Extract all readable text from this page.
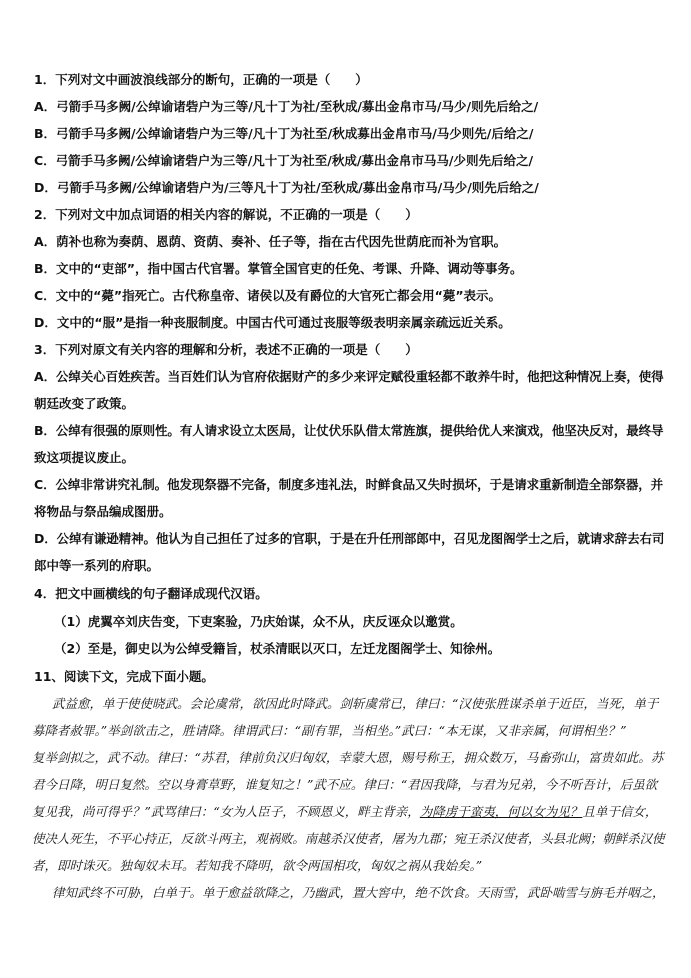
1．下列对文中画波浪线部分的断句，正确的一项是（　　）
A．弓箭手马多阙/公绰谕诸砦户为三等/凡十丁为社/至秋成/募出金帛市马/马少/则先后给之/
B．弓箭手马多阙/公绰谕诸砦户为三等/凡十丁为社至/秋成募出金帛市马/马少则先/后给之/
C．弓箭手马多阙/公绰谕诸砦户为三等/凡十丁为社至/秋成/募出金帛市马马/少则先后给之/
D．弓箭手马多阙/公绰谕诸砦户为/三等凡十丁为社/至秋成/募出金帛市马/马少/则先后给之/
2．下列对文中加点词语的相关内容的解说，不正确的一项是（　　）
A．荫补也称为奏荫、恩荫、资荫、奏补、任子等，指在古代因先世荫庇而补为官职。
B．文中的“吏部”，指中国古代官署。掌管全国官吏的任免、考课、升降、调动等事务。
C．文中的“薨”指死亡。古代称皇帝、诸侯以及有爵位的大官死亡都会用“薨”表示。
D．文中的“服”是指一种丧服制度。中国古代可通过丧服等级表明亲属亲疏远近关系。
3．下列对原文有关内容的理解和分析，表述不正确的一项是（　　）
A．公绰关心百姓疾苦。当百姓们认为官府依据财产的多少来评定赋役重轻都不敢养牛时，他把这种情况上奏，使得
朝廷改变了政策。
B．公绰有很强的原则性。有人请求设立太医局，让仗伏乐队借太常旌旗，提供给优人来演戏，他坚决反对，最终导
致这项提议废止。
C．公绰非常讲究礼制。他发现祭器不完备，制度多违礼法，时鲜食品又失时损坏，于是请求重新制造全部祭器，并
将物品与祭品编成图册。
D．公绰有谦逊精神。他认为自己担任了过多的官职，于是在升任刑部郎中，召见龙图阁学士之后，就请求辞去右司
郎中等一系列的府职。
4．把文中画横线的句子翻译成现代汉语。
（1）虎翼卒刘庆告变，下吏案验，乃庆始谋，众不从，庆反诬众以邀赏。
（2）至是，御史以为公绰受籍旨，杖杀清眠以灭口，左迁龙图阁学士、知徐州。
11、阅读下文，完成下面小题。
武益愈，单于使使晓武。会论虞常，欲因此时降武。剑斩虞常已，律曰：“汉使张胜谋杀单于近臣，当死，单于
募降者赦罪。”举剑欲击之，胜请降。律谓武曰：“副有罪，当相坐。”武曰：“本无谋，又非亲属，何谓相坐？”
复举剑拟之，武不动。律曰：“苏君，律前负汉归匈奴，幸蒙大恩，赐号称王，拥众数万，马畜弥山，富贵如此。苏
君今日降，明日复然。空以身膏草野，谁复知之！”武不应。律曰：“君因我降，与君为兄弟，今不听吾计，后虽欲
复见我，尚可得乎？”武骂律曰：“女为人臣子，不顾恩义，畔主背亲，为降虏于蛮夷，何以女为见？且单于信女，
使决人死生，不平心持正，反欲斗两主，观祸败。南越杀汉使者，屠为九郡；宛王杀汉使者，头县北阙；朝鲜杀汉使
者，即时诛灭。独匈奴未耳。若知我不降明，欲令两国相攻，匈奴之祸从我始矣。”
律知武终不可胁，白单于。单于愈益欲降之，乃幽武，置大窖中，绝不饮食。天雨雪，武卧啮雪与旃毛并咽之，
